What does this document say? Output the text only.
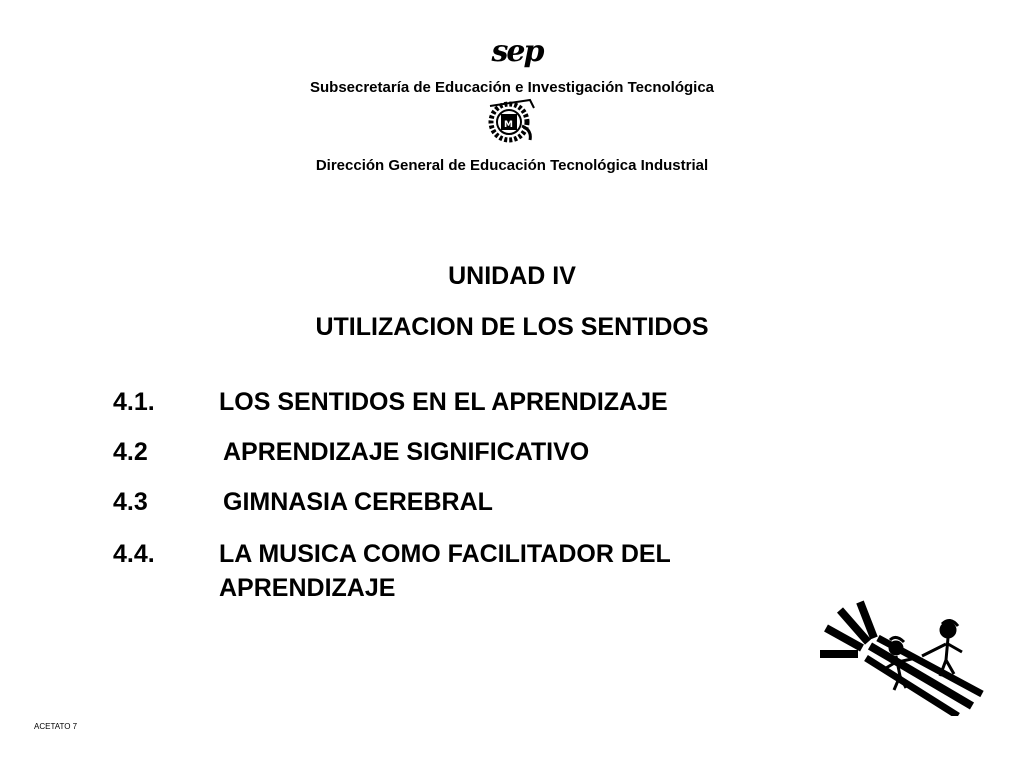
sep
Subsecretaría de Educación e Investigación Tecnológica
M
Dirección General de Educación Tecnológica Industrial
UNIDAD IV
UTILIZACION DE LOS SENTIDOS
4.1.	LOS SENTIDOS EN EL APRENDIZAJE
4.2	APRENDIZAJE SIGNIFICATIVO
4.3	GIMNASIA CEREBRAL
4.4.	LA MUSICA COMO FACILITADOR DEL
APRENDIZAJE
ACETATO 7
